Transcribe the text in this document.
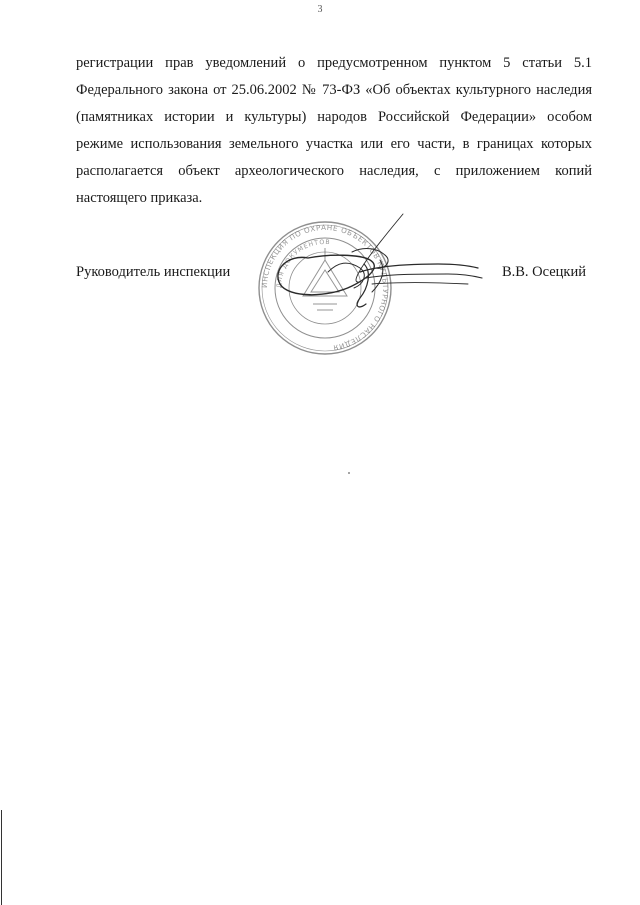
3
регистрации прав уведомлений о предусмотренном пунктом 5 статьи 5.1
Федерального закона от 25.06.2002 № 73-ФЗ «Об объектах культурного наследия
(памятниках истории и культуры) народов Российской Федерации» особом
режиме использования земельного участка или его части, в границах которых
располагается объект археологического наследия, с приложением копий
настоящего приказа.
Руководитель инспекции	В.В. Осецкий
ИНСПЕКЦИЯ ПО ОХРАНЕ ОБЪЕКТОВ КУЛЬТУРНОГО НАСЛЕДИЯ
ДЛЯ ДОКУМЕНТОВ
